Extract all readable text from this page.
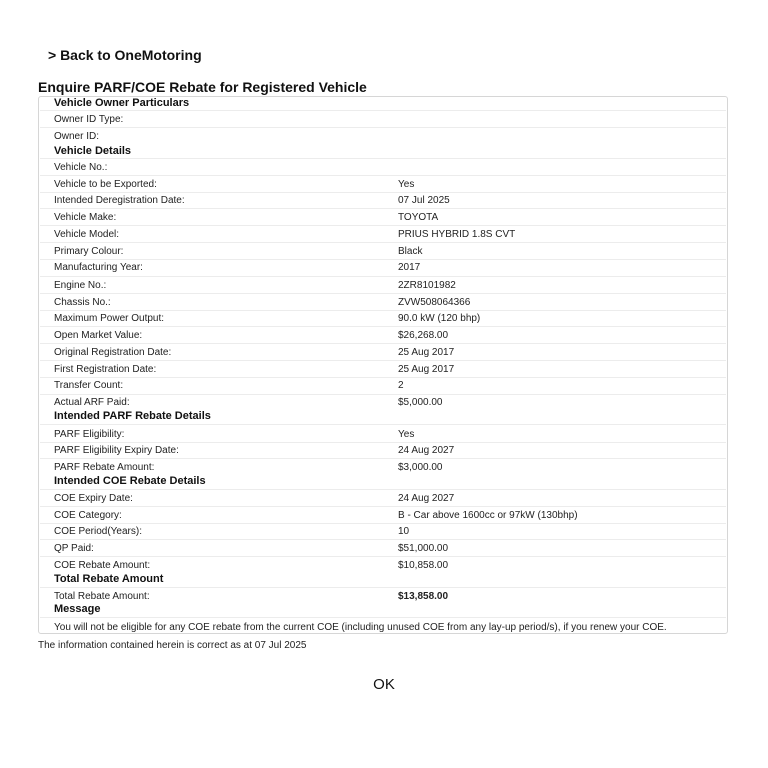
> Back to OneMotoring
Enquire PARF/COE Rebate for Registered Vehicle
Vehicle Owner Particulars
Owner ID Type:
Owner ID:
Vehicle Details
Vehicle No.:
Vehicle to be Exported:	Yes
Intended Deregistration Date:	07 Jul 2025
Vehicle Make:	TOYOTA
Vehicle Model:	PRIUS HYBRID 1.8S CVT
Primary Colour:	Black
Manufacturing Year:	2017
Engine No.:	2ZR8101982
Chassis No.:	ZVW508064366
Maximum Power Output:	90.0 kW (120 bhp)
Open Market Value:	$26,268.00
Original Registration Date:	25 Aug 2017
First Registration Date:	25 Aug 2017
Transfer Count:	2
Actual ARF Paid:	$5,000.00
Intended PARF Rebate Details
PARF Eligibility:	Yes
PARF Eligibility Expiry Date:	24 Aug 2027
PARF Rebate Amount:	$3,000.00
Intended COE Rebate Details
COE Expiry Date:	24 Aug 2027
COE Category:	B - Car above 1600cc or 97kW (130bhp)
COE Period(Years):	10
QP Paid:	$51,000.00
COE Rebate Amount:	$10,858.00
Total Rebate Amount
Total Rebate Amount:	$13,858.00
Message
You will not be eligible for any COE rebate from the current COE (including unused COE from any lay-up period/s), if you renew your COE.
The information contained herein is correct as at 07 Jul 2025
OK
